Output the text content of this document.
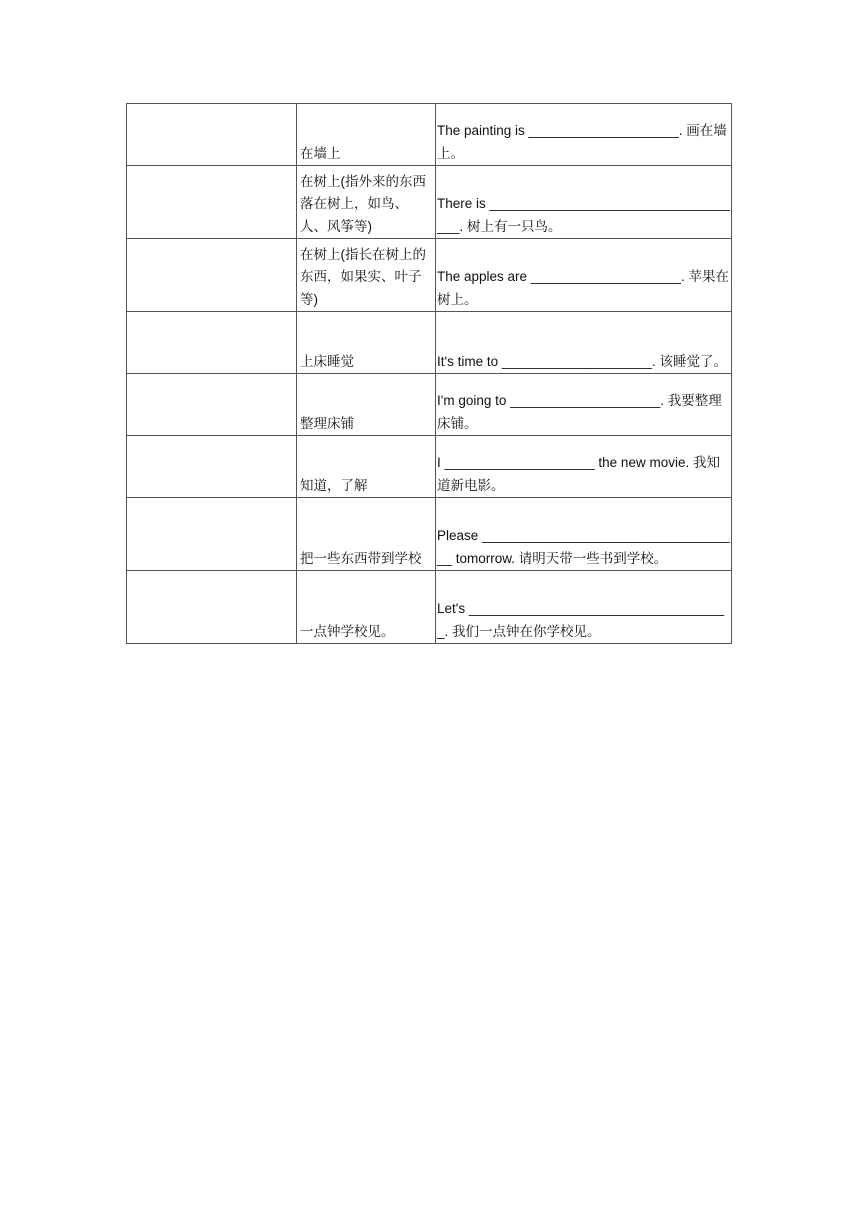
	在墙上	The painting is ____________________. 画在墙上。
	在树上(指外来的东西落在树上，如鸟、人、风筝等)	There is ___________________________________. 树上有一只鸟。
	在树上(指长在树上的东西，如果实、叶子等)	The apples are ____________________. 苹果在树上。
	上床睡觉	It's time to ____________________. 该睡觉了。
	整理床铺	I'm going to ____________________. 我要整理床铺。
	知道，了解	I ____________________ the new movie. 我知道新电影。
	把一些东西带到学校	Please ___________________________________ tomorrow. 请明天带一些书到学校。
	一点钟学校见。	Let's ___________________________________. 我们一点钟在你学校见。
